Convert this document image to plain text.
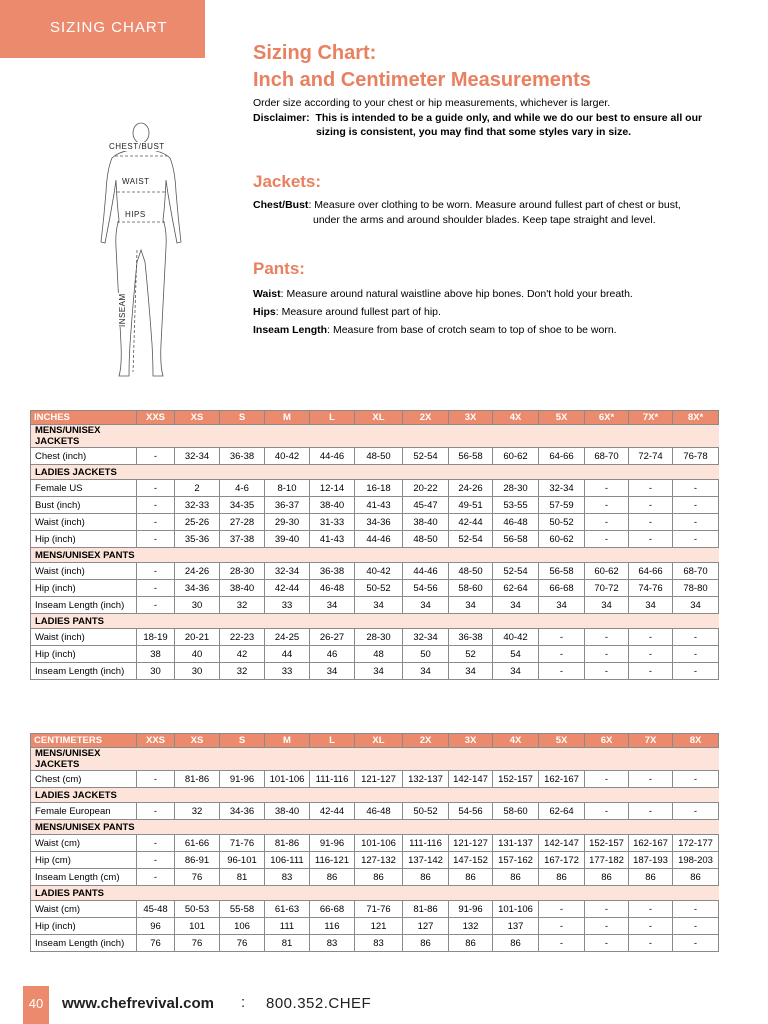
SIZING CHART
Sizing Chart:
Inch and Centimeter Measurements
Order size according to your chest or hip measurements, whichever is larger.
Disclaimer: This is intended to be a guide only, and while we do our best to ensure all our
sizing is consistent, you may find that some styles vary in size.
CHEST/BUST
WAIST
HIPS
INSEAM
Jackets:
Chest/Bust: Measure over clothing to be worn. Measure around fullest part of chest or bust,
under the arms and around shoulder blades. Keep tape straight and level.
Pants:
Waist: Measure around natural waistline above hip bones. Don't hold your breath.
Hips: Measure around fullest part of hip.
Inseam Length: Measure from base of crotch seam to top of shoe to be worn.
INCHES	XXS	XS	S	M	L	XL	2X	3X	4X	5X	6X*	7X*	8X*
MENS/UNISEX JACKETS													
Chest (inch)	-	32-34	36-38	40-42	44-46	48-50	52-54	56-58	60-62	64-66	68-70	72-74	76-78
LADIES JACKETS													
Female US	-	2	4-6	8-10	12-14	16-18	20-22	24-26	28-30	32-34	-	-	-
Bust (inch)	-	32-33	34-35	36-37	38-40	41-43	45-47	49-51	53-55	57-59	-	-	-
Waist (inch)	-	25-26	27-28	29-30	31-33	34-36	38-40	42-44	46-48	50-52	-	-	-
Hip (inch)	-	35-36	37-38	39-40	41-43	44-46	48-50	52-54	56-58	60-62	-	-	-
MENS/UNISEX PANTS													
Waist (inch)	-	24-26	28-30	32-34	36-38	40-42	44-46	48-50	52-54	56-58	60-62	64-66	68-70
Hip (inch)	-	34-36	38-40	42-44	46-48	50-52	54-56	58-60	62-64	66-68	70-72	74-76	78-80
Inseam Length (inch)	-	30	32	33	34	34	34	34	34	34	34	34	34
LADIES PANTS													
Waist (inch)	18-19	20-21	22-23	24-25	26-27	28-30	32-34	36-38	40-42	-	-	-	-
Hip (inch)	38	40	42	44	46	48	50	52	54	-	-	-	-
Inseam Length (inch)	30	30	32	33	34	34	34	34	34	-	-	-	-
CENTIMETERS	XXS	XS	S	M	L	XL	2X	3X	4X	5X	6X	7X	8X
MENS/UNISEX JACKETS													
Chest (cm)	-	81-86	91-96	101-106	111-116	121-127	132-137	142-147	152-157	162-167	-	-	-
LADIES JACKETS													
Female European	-	32	34-36	38-40	42-44	46-48	50-52	54-56	58-60	62-64	-	-	-
MENS/UNISEX PANTS													
Waist (cm)	-	61-66	71-76	81-86	91-96	101-106	111-116	121-127	131-137	142-147	152-157	162-167	172-177
Hip (cm)	-	86-91	96-101	106-111	116-121	127-132	137-142	147-152	157-162	167-172	177-182	187-193	198-203
Inseam Length (cm)	-	76	81	83	86	86	86	86	86	86	86	86	86
LADIES PANTS													
Waist (cm)	45-48	50-53	55-58	61-63	66-68	71-76	81-86	91-96	101-106	-	-	-	-
Hip (inch)	96	101	106	111	116	121	127	132	137	-	-	-	-
Inseam Length (inch)	76	76	76	81	83	83	86	86	86	-	-	-	-
40	www.chefrevival.com : 800.352.CHEF
